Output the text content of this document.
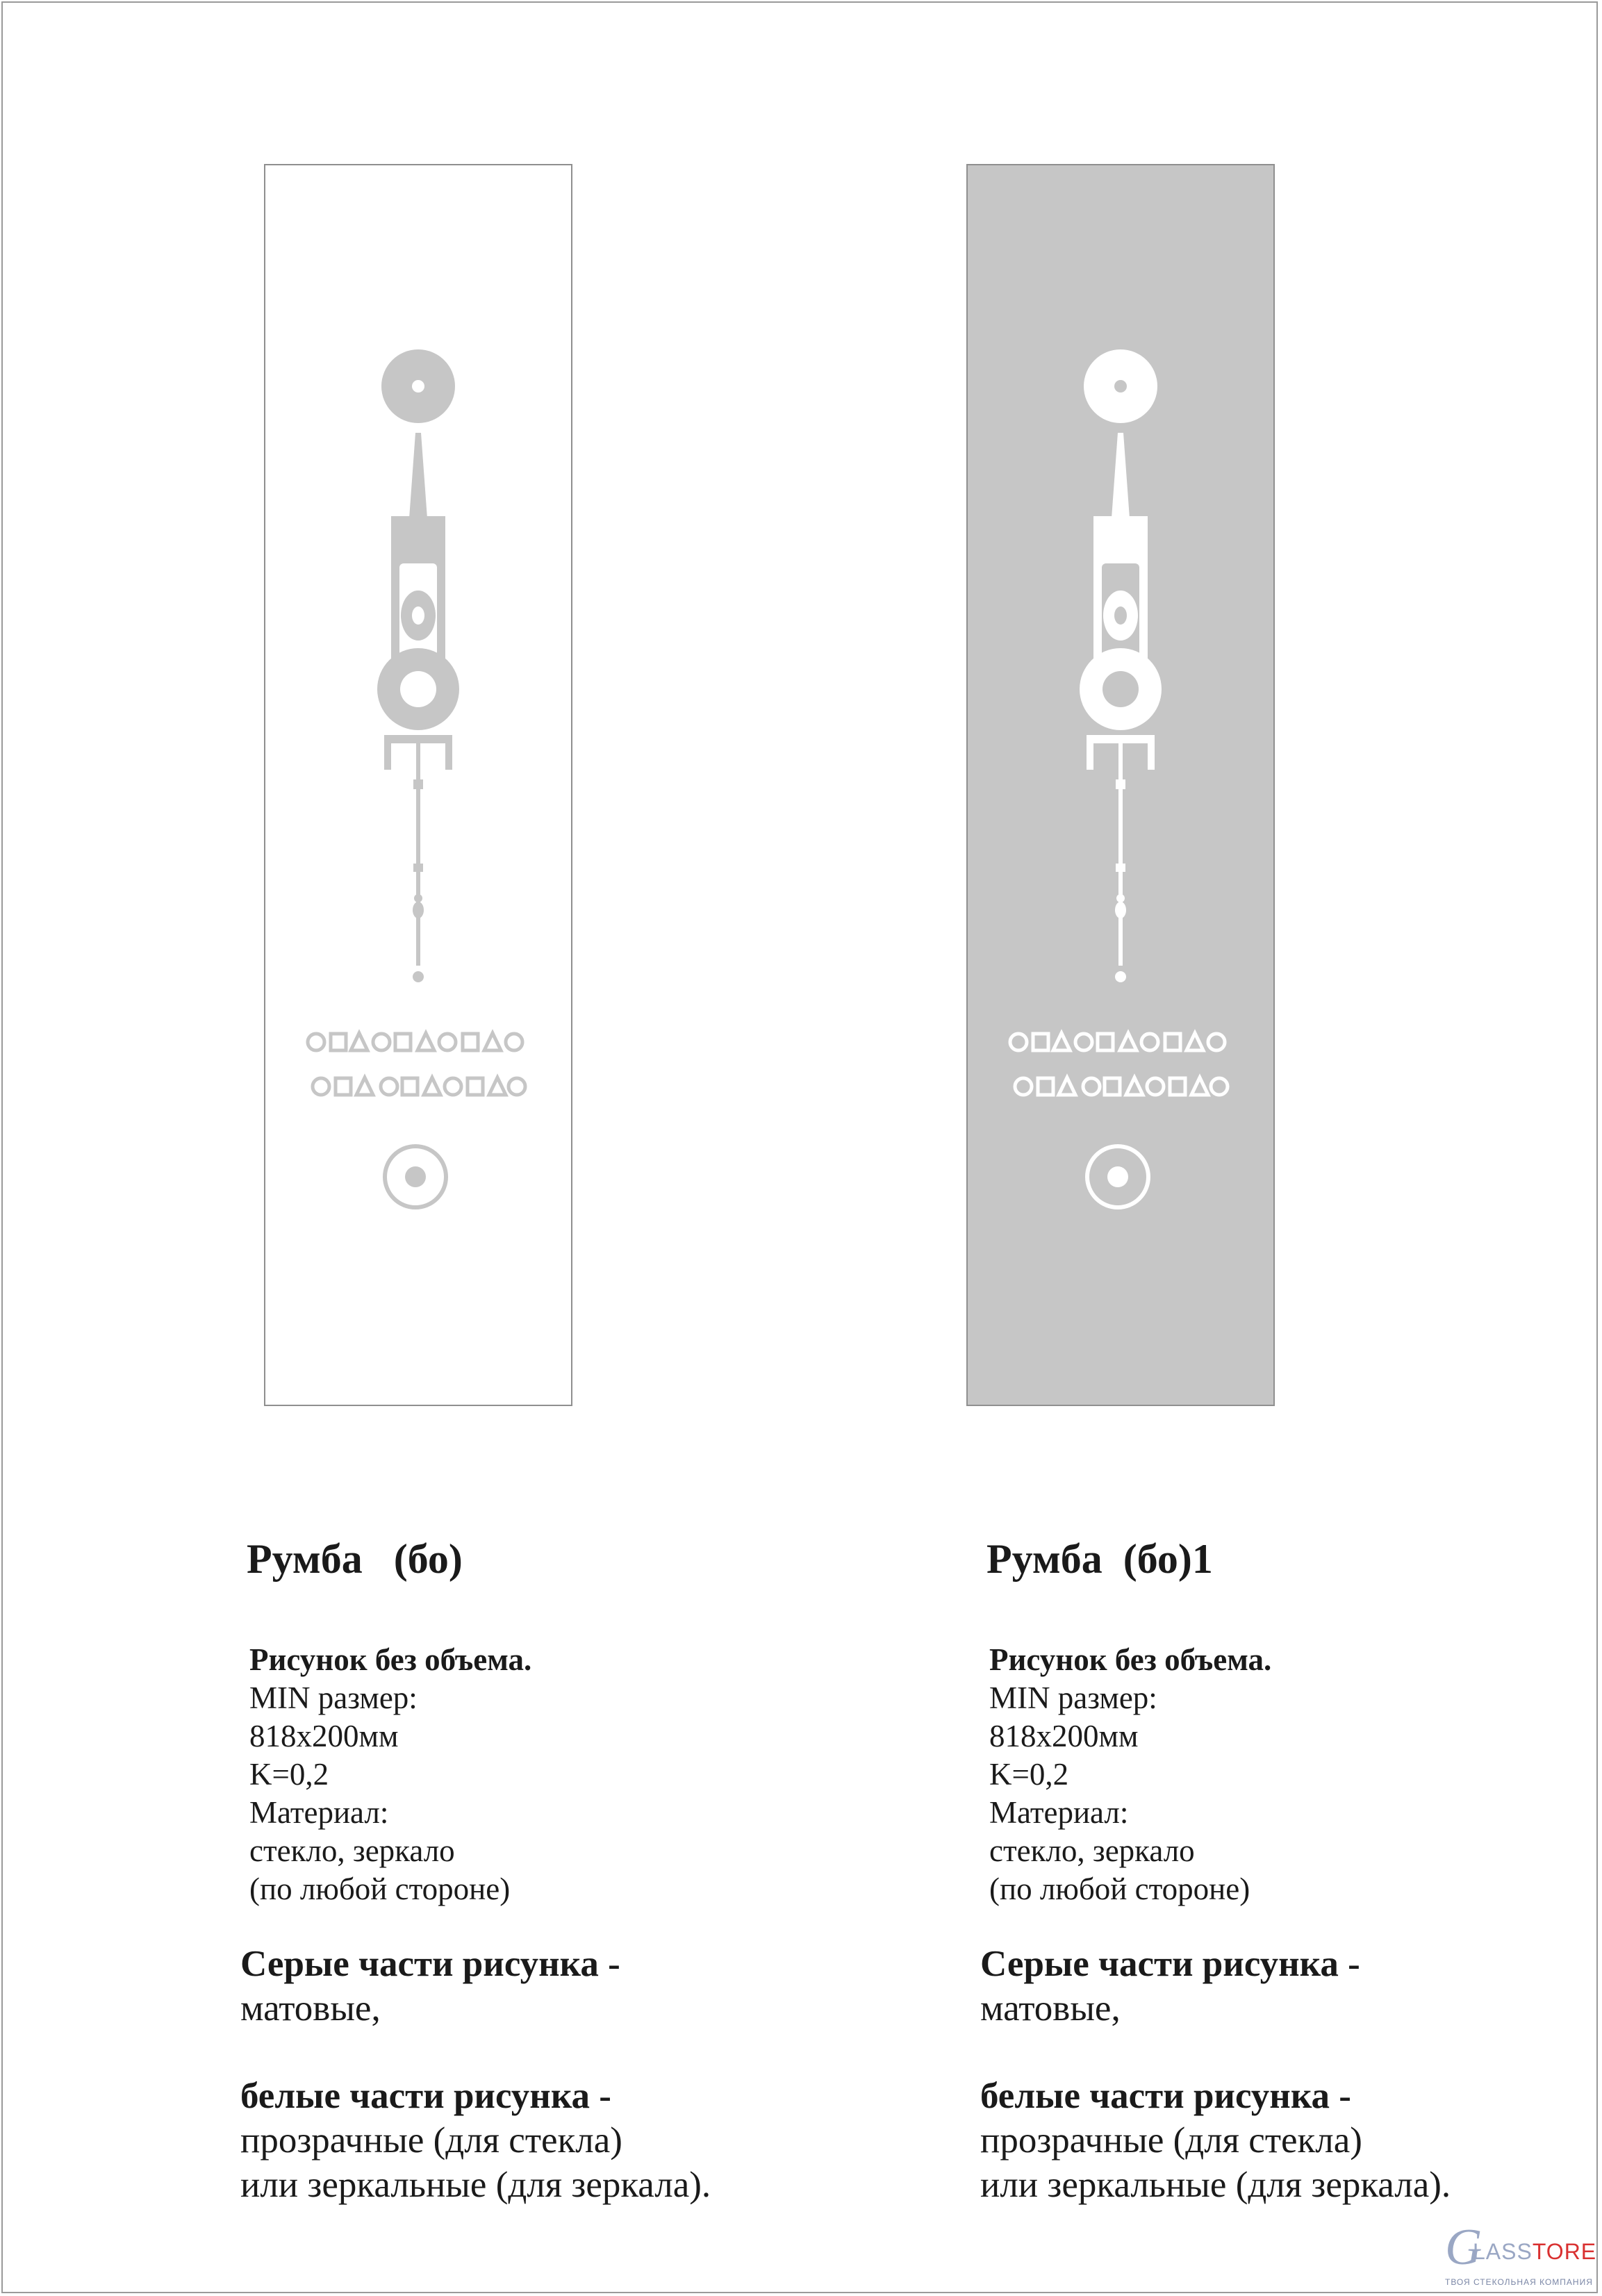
Румба   (бо)
Рисунок без объема.
MIN размер:
818x200мм
K=0,2
Материал:
стекло, зеркало
(по любой стороне)

Серые части рисунка -
матовые,

белые части рисунка -
прозрачные (для стекла)
или зеркальные (для зеркала).

Румба  (бо)1
Рисунок без объема.
MIN размер:
818x200мм
K=0,2
Материал:
стекло, зеркало
(по любой стороне)

Серые части рисунка -
матовые,

белые части рисунка -
прозрачные (для стекла)
или зеркальные (для зеркала).

G
LASSTORE
ТВОЯ СТЕКОЛЬНАЯ КОМПАНИЯ
